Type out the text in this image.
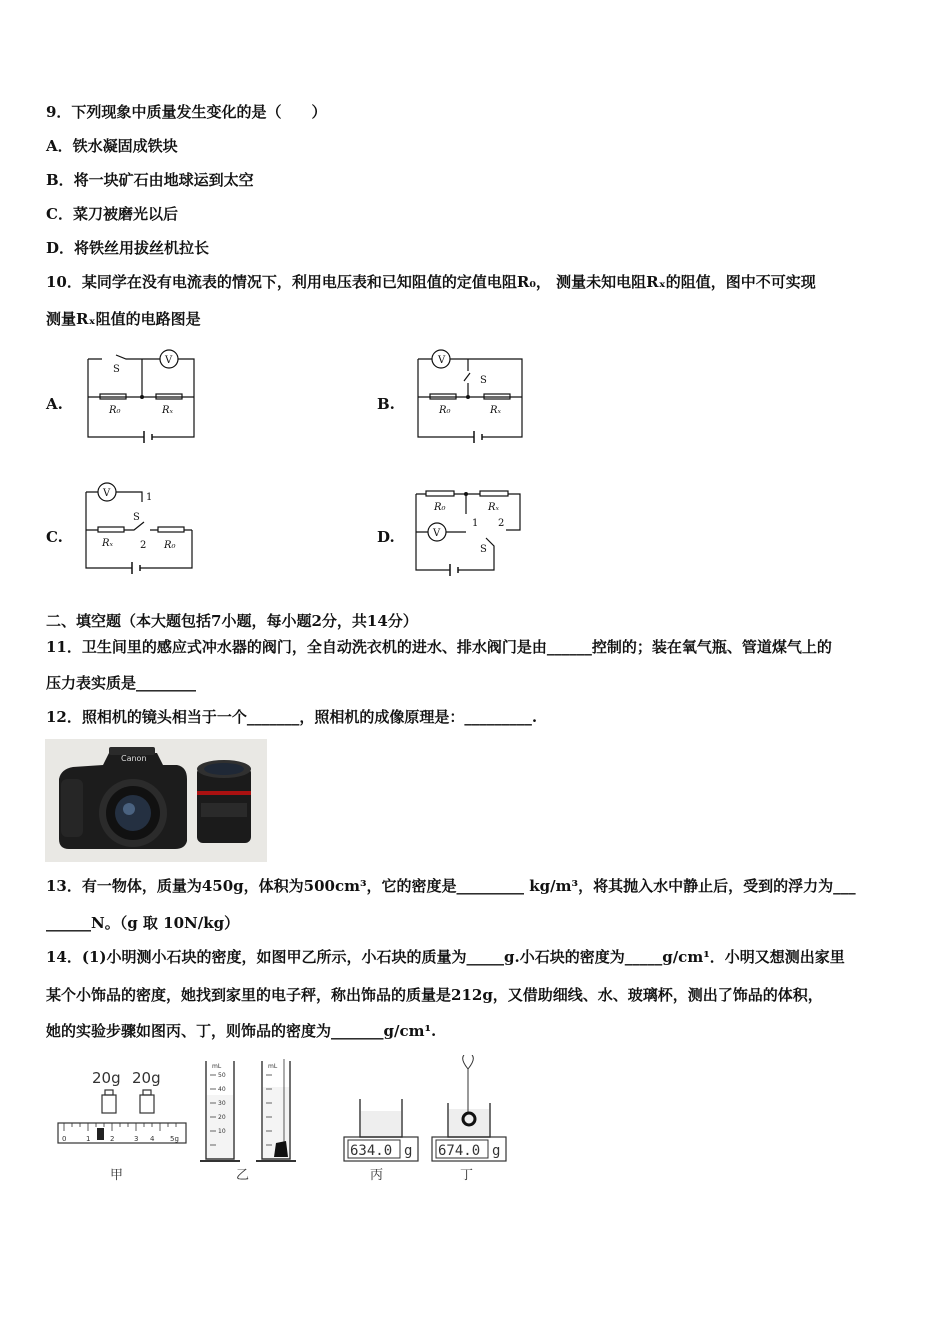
9．下列现象中质量发生变化的是（　　）
A．铁水凝固成铁块
B．将一块矿石由地球运到太空
C．菜刀被磨光以后
D．将铁丝用拔丝机拉长
10．某同学在没有电流表的情况下，利用电压表和已知阻值的定值电阻R₀， 测量未知电阻Rₓ的阻值，图中不可实现
测量Rₓ阻值的电路图是
A.	B.
C.	D.
S
V
R₀	Rₓ
V
S
R₀	Rₓ
V	1
S
2
Rₓ	R₀
R₀	Rₓ
V
1 2
S
二、填空题（本大题包括7小题，每小题2分，共14分）
11．卫生间里的感应式冲水器的阀门，全自动洗衣机的进水、排水阀门是由______控制的；装在氧气瓶、管道煤气上的
压力表实质是________
12．照相机的镜头相当于一个_______，照相机的成像原理是：_________.
Canon
13．有一物体，质量为450g，体积为500cm³，它的密度是_________ kg/m³，将其抛入水中静止后，受到的浮力为___
______N。（g 取 10N/kg）
14．(1)小明测小石块的密度，如图甲乙所示，小石块的质量为_____g.小石块的密度为_____g/cm¹．小明又想测出家里
某个小饰品的密度，她找到家里的电子秤，称出饰品的质量是212g，又借助细线、水、玻璃杯，测出了饰品的体积，
她的实验步骤如图丙、丁，则饰品的密度为_______g/cm¹.
20g 20g
0	1	2	3 4 5g
甲
mL
50
40
30
20
10
mL
乙
634.0 g
丙
674.0 g
丁
